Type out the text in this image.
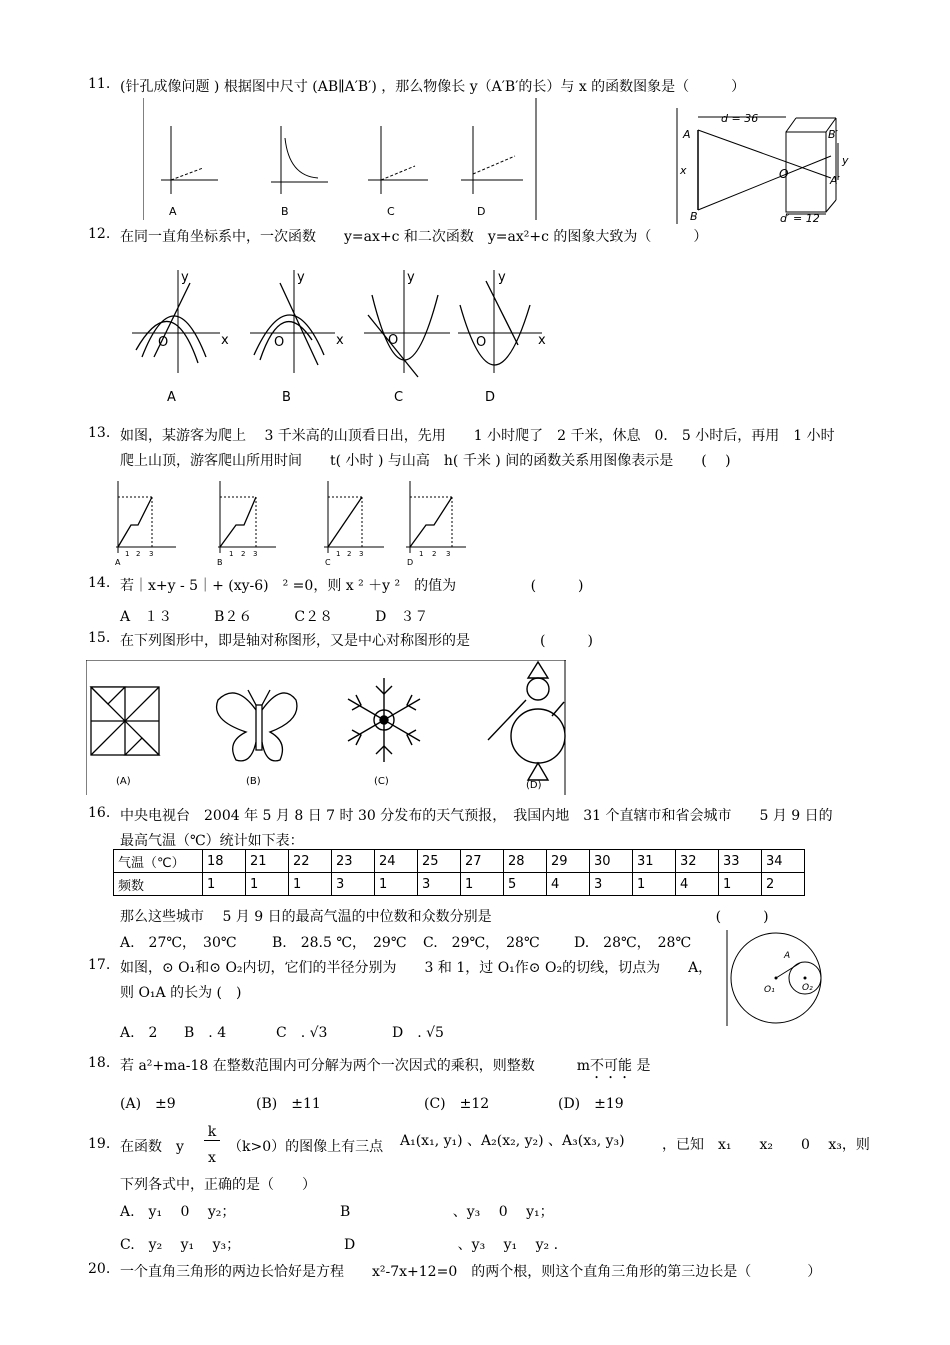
11. (针孔成像问题 ) 根据图中尺寸 (AB∥A′B′) ，那么物像长 y（A′B′的长）与 x 的函数图象是（　　　）
A	B	C	D
d = 36
d′ = 12
A
B
B′
A′
O
x
y
12. 在同一直角坐标系中，一次函数　　y=ax+c 和二次函数　y=ax²+c 的图象大致为（　　　）
y
x
O
y
x
O
y
O
y
x
O
A	B	C	D
13. 如图，某游客为爬上　 3 千米高的山顶看日出，先用　　1 小时爬了　2 千米，休息　0． 5 小时后，再用　1 小时
爬上山顶，游客爬山所用时间　　t( 小时 ) 与山高　h( 千米 ) 间的函数关系用图像表示是　　(　 )
1 2 3	1 2 3	1 2 3	1 2 3
A	B	C	D
14. 若｜x+y - 5｜+ (xy-6)　² =0，则 x ² ＋y ²　的值为　　　　　 (　　　)
A　１３　　　B２６　　　C２８　　　D　３７
15. 在下列图形中，即是轴对称图形，又是中心对称图形的是　　　　　(　　　)
(A)	(B)	(C)	(D)
16. 中央电视台　2004 年 5 月 8 日 7 时 30 分发布的天气预报，　我国内地　31 个直辖市和省会城市　　5 月 9 日的
最高气温（℃）统计如下表：
气温（℃）	18	21	22	23	24	25	27	28	29	30	31	32	33	34
频数	1	1	1	3	1	3	1	5	4	3	1	4	1	2
那么这些城市　 5 月 9 日的最高气温的中位数和众数分别是　　　　　　　　　　　　　　　　(　　　)
A.　27℃，　30℃	B.　28.5 ℃，　29℃ C.　29℃，　28℃ D.　28℃，　28℃
17. 如图，⊙ O₁和⊙ O₂内切，它们的半径分别为　　3 和 1，过 O₁作⊙ O₂的切线，切点为　　A，
则 O₁A 的长为 (　)
A.　2 B　. 4	C　. √3	D　. √5
A
O₁	O₂
18. 若 a²+ma-18 在整数范围内可分解为两个一次因式的乘积，则整数　　　m不可能 是
(A)　±9	(B)　±11	(C)　±12	(D)　±19
19. 在函数　y
k
x
（k>0）的图像上有三点 A₁(x₁, y₁) 、A₂(x₂, y₂) 、A₃(x₃, y₃)	，已知　x₁　　x₂　　0　 x₃，则
下列各式中，正确的是（　　）
A.　y₁　 0　 y₂；	B　　　　　　　 、y₃　 0　 y₁；
C.　y₂　 y₁　 y₃；	D　　　　　　　 、y₃　 y₁　 y₂ .
20. 一个直角三角形的两边长恰好是方程　　x²-7x+12=0　的两个根，则这个直角三角形的第三边长是（　　　　）
